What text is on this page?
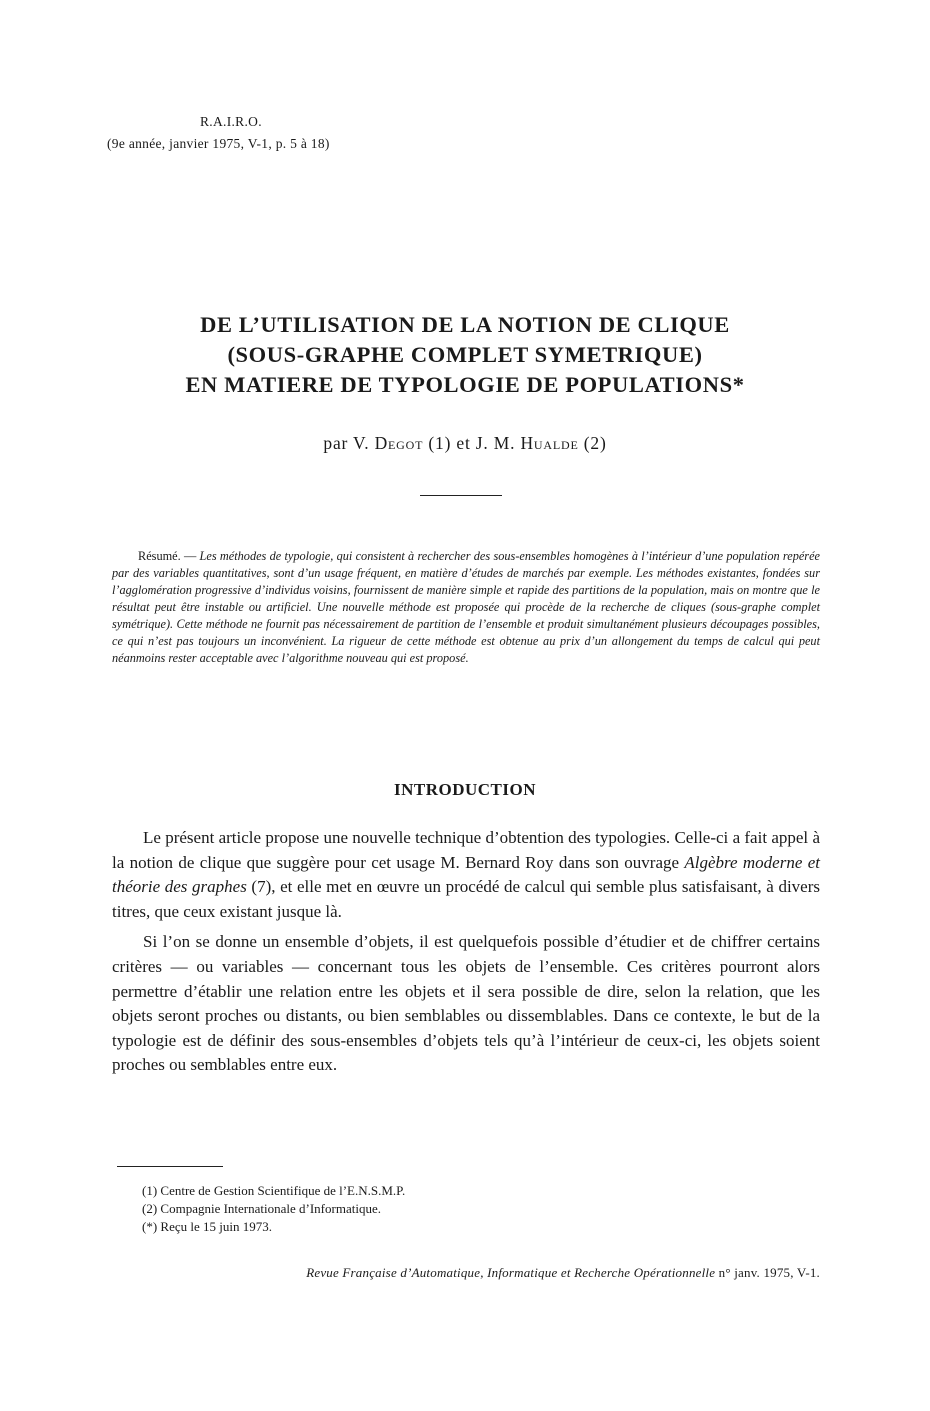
R.A.I.R.O.
(9e année, janvier 1975, V-1, p. 5 à 18)
DE L’UTILISATION DE LA NOTION DE CLIQUE
(SOUS-GRAPHE COMPLET SYMETRIQUE)
EN MATIERE DE TYPOLOGIE DE POPULATIONS*
par V. Degot (1) et J. M. Hualde (2)
Résumé. — Les méthodes de typologie, qui consistent à rechercher des sous-ensembles homogènes à l’intérieur d’une population repérée par des variables quantitatives, sont d’un usage fréquent, en matière d’études de marchés par exemple. Les méthodes existantes, fondées sur l’agglomération progressive d’individus voisins, fournissent de manière simple et rapide des partitions de la population, mais on montre que le résultat peut être instable ou artificiel. Une nouvelle méthode est proposée qui procède de la recherche de cliques (sous-graphe complet symétrique). Cette méthode ne fournit pas nécessairement de partition de l’ensemble et produit simultanément plusieurs découpages possibles, ce qui n’est pas toujours un inconvénient. La rigueur de cette méthode est obtenue au prix d’un allongement du temps de calcul qui peut néanmoins rester acceptable avec l’algorithme nouveau qui est proposé.
INTRODUCTION

Le présent article propose une nouvelle technique d’obtention des typologies. Celle-ci a fait appel à la notion de clique que suggère pour cet usage M. Bernard Roy dans son ouvrage Algèbre moderne et théorie des graphes (7), et elle met en œuvre un procédé de calcul qui semble plus satisfaisant, à divers titres, que ceux existant jusque là.

Si l’on se donne un ensemble d’objets, il est quelquefois possible d’étudier et de chiffrer certains critères — ou variables — concernant tous les objets de l’ensemble. Ces critères pourront alors permettre d’établir une relation entre les objets et il sera possible de dire, selon la relation, que les objets seront proches ou distants, ou bien semblables ou dissemblables. Dans ce contexte, le but de la typologie est de définir des sous-ensembles d’objets tels qu’à l’intérieur de ceux-ci, les objets soient proches ou semblables entre eux.

(1) Centre de Gestion Scientifique de l’E.N.S.M.P.
(2) Compagnie Internationale d’Informatique.
(*) Reçu le 15 juin 1973.
Revue Française d’Automatique, Informatique et Recherche Opérationnelle n° janv. 1975, V-1.
